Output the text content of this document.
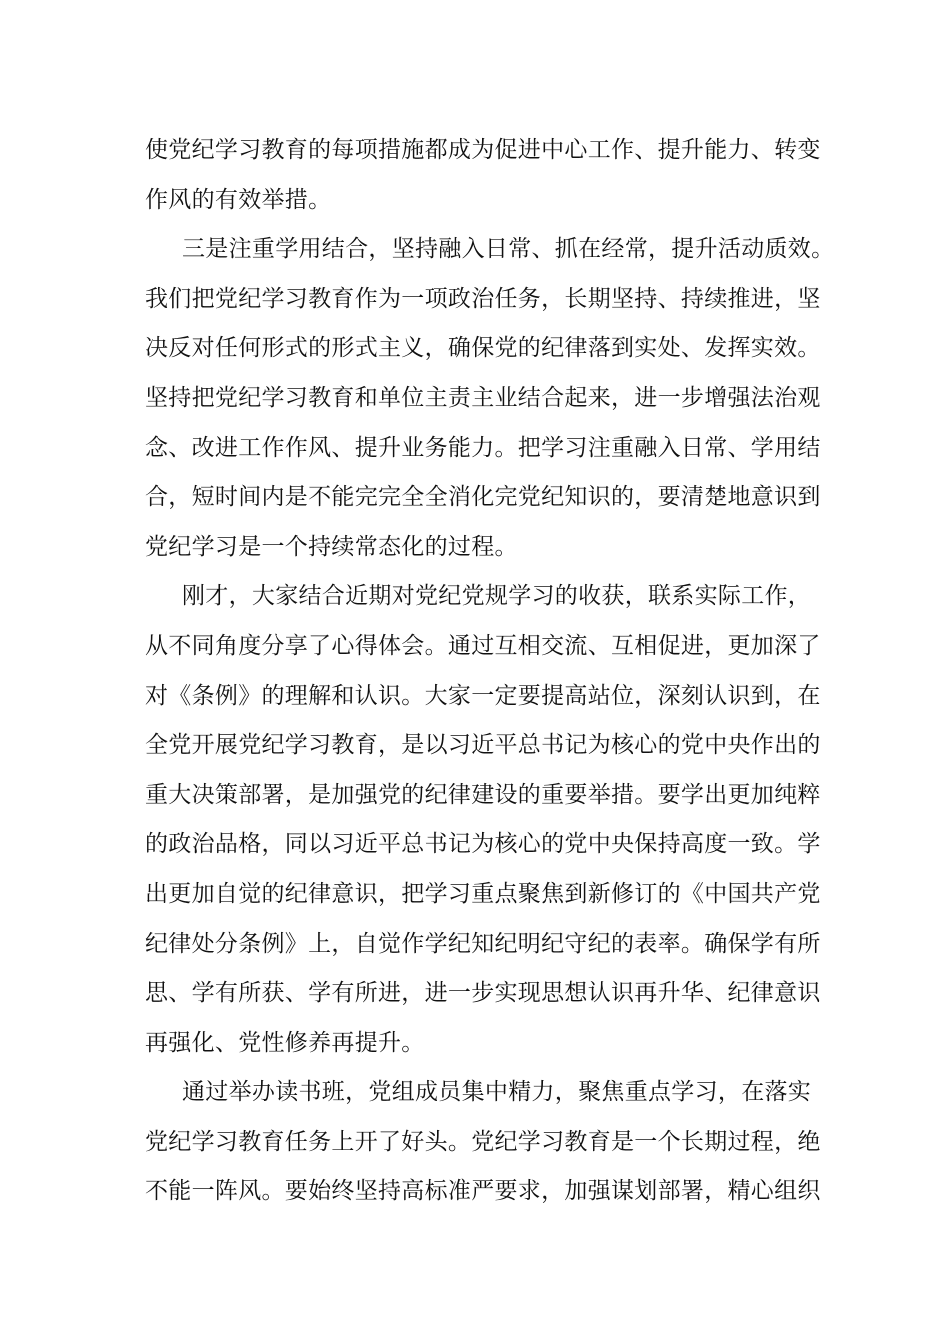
使党纪学习教育的每项措施都成为促进中心工作、提升能力、转变
作风的有效举措。
三是注重学用结合，坚持融入日常、抓在经常，提升活动质效。
我们把党纪学习教育作为一项政治任务，长期坚持、持续推进，坚
决反对任何形式的形式主义，确保党的纪律落到实处、发挥实效。
坚持把党纪学习教育和单位主责主业结合起来，进一步增强法治观
念、改进工作作风、提升业务能力。把学习注重融入日常、学用结
合，短时间内是不能完完全全消化完党纪知识的，要清楚地意识到
党纪学习是一个持续常态化的过程。
刚才，大家结合近期对党纪党规学习的收获，联系实际工作，
从不同角度分享了心得体会。通过互相交流、互相促进，更加深了
对《条例》的理解和认识。大家一定要提高站位，深刻认识到，在
全党开展党纪学习教育，是以习近平总书记为核心的党中央作出的
重大决策部署，是加强党的纪律建设的重要举措。要学出更加纯粹
的政治品格，同以习近平总书记为核心的党中央保持高度一致。学
出更加自觉的纪律意识，把学习重点聚焦到新修订的《中国共产党
纪律处分条例》上，自觉作学纪知纪明纪守纪的表率。确保学有所
思、学有所获、学有所进，进一步实现思想认识再升华、纪律意识
再强化、党性修养再提升。
通过举办读书班，党组成员集中精力，聚焦重点学习，在落实
党纪学习教育任务上开了好头。党纪学习教育是一个长期过程，绝
不能一阵风。要始终坚持高标准严要求，加强谋划部署，精心组织
